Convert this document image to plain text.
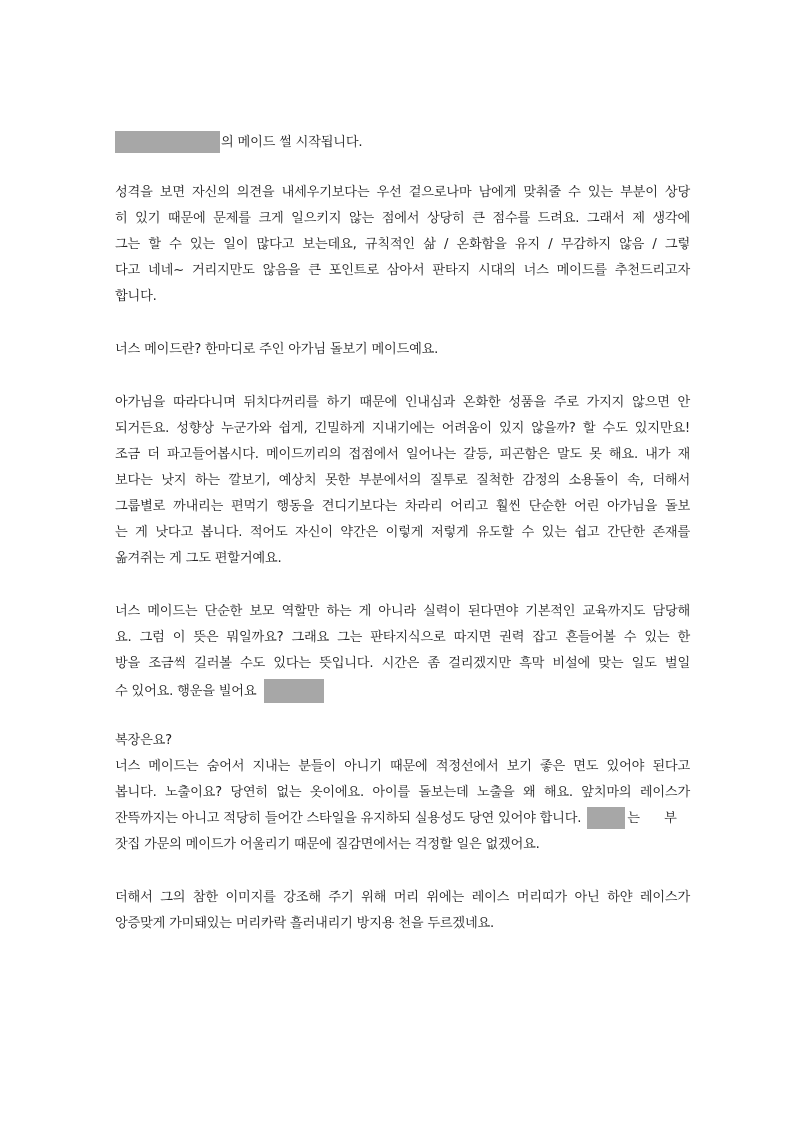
의 메이드 썰 시작됩니다.
성격을 보면 자신의 의견을 내세우기보다는 우선 겉으로나마 남에게 맞춰줄 수 있는 부분이 상당
히 있기 때문에 문제를 크게 일으키지 않는 점에서 상당히 큰 점수를 드려요. 그래서 제 생각에
그는 할 수 있는 일이 많다고 보는데요, 규칙적인 삶 / 온화함을 유지 / 무감하지 않음 / 그렇
다고 네네~ 거리지만도 않음을 큰 포인트로 삼아서 판타지 시대의 너스 메이드를 추천드리고자
합니다.
너스 메이드란? 한마디로 주인 아가님 돌보기 메이드예요.
아가님을 따라다니며 뒤치다꺼리를 하기 때문에 인내심과 온화한 성품을 주로 가지지 않으면 안
되거든요. 성향상 누군가와 쉽게, 긴밀하게 지내기에는 어려움이 있지 않을까? 할 수도 있지만요!
조금 더 파고들어봅시다. 메이드끼리의 접점에서 일어나는 갈등, 피곤함은 말도 못 해요. 내가 재
보다는 낫지 하는 깔보기, 예상치 못한 부분에서의 질투로 질척한 감정의 소용돌이 속, 더해서
그룹별로 까내리는 편먹기 행동을 견디기보다는 차라리 어리고 훨씬 단순한 어린 아가님을 돌보
는 게 낫다고 봅니다. 적어도 자신이 약간은 이렇게 저렇게 유도할 수 있는 쉽고 간단한 존재를
옮겨쥐는 게 그도 편할거예요.
너스 메이드는 단순한 보모 역할만 하는 게 아니라 실력이 된다면야 기본적인 교육까지도 담당해
요. 그럼 이 뜻은 뭐일까요? 그래요 그는 판타지식으로 따지면 권력 잡고 흔들어볼 수 있는 한
방을 조금씩 길러볼 수도 있다는 뜻입니다. 시간은 좀 걸리겠지만 흑막 비설에 맞는 일도 벌일
수 있어요. 행운을 빌어요
복장은요?
너스 메이드는 숨어서 지내는 분들이 아니기 때문에 적정선에서 보기 좋은 면도 있어야 된다고
봅니다. 노출이요? 당연히 없는 옷이에요. 아이를 돌보는데 노출을 왜 해요. 앞치마의 레이스가
잔뜩까지는 아니고 적당히 들어간 스타일을 유지하되 실용성도 당연 있어야 합니다.	는 부
잣집 가문의 메이드가 어울리기 때문에 질감면에서는 걱정할 일은 없겠어요.
더해서 그의 참한 이미지를 강조해 주기 위해 머리 위에는 레이스 머리띠가 아닌 하얀 레이스가
앙증맞게 가미돼있는 머리카락 흘러내리기 방지용 천을 두르겠네요.
